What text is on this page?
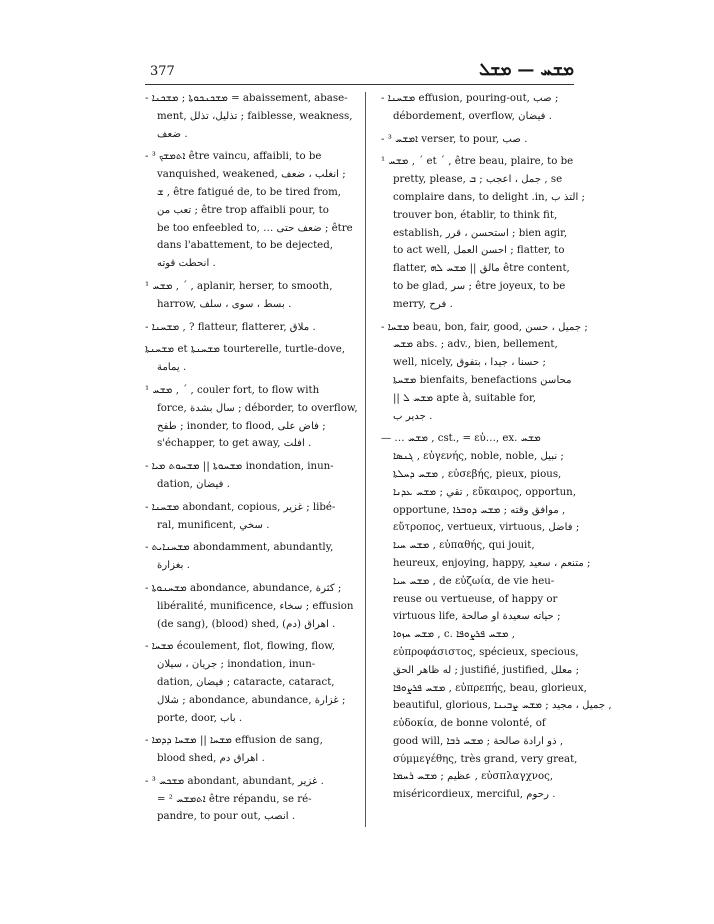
377	ܡܫܚ — ܡܫܠ
- ܡܫܟܢܟܘܬܐ ; ܡܫܟܢܐ = abaissement, abase-
ment, تذليل، تذلل ; faiblesse, weakness,
ضعف .
- ܐܬܡܫܟ ³ être vaincu, affaibli, to be
vanquished, weakened, انغلب ، ضعف ;
ܫ , être fatigué de, to be tired from,
تعب من ; être trop affaibli pour, to
be too enfeebled to, … ضعف حتى ; être
dans l'abattement, to be dejected,
انحطت قوته .
ܡܫܚ ¹ , ˊ , aplanir, herser, to smooth,
harrow, بسط ، سوى ، سلف .
- ܡܫܚܢܐ , ? flatteur, flatterer, ملاق .
ܡܫܚܢܬܐ et ܡܫܚܢܬܐ tourterelle, turtle-dove,
يمامة .
¹ ܡܫܚ , ˊ , couler fort, to flow with
force, سال بشدة ; déborder, to overflow,
طفح ; inonder, to flood, فاض على ;
s'échapper, to get away, افلت .
- ܡܫܚܘܬܐ || ܡܫܚܘܬ ܡܝܐ inondation, inun-
dation, فيضان .
- ܡܫܚܢܐ abondant, copious, غزير ; libé-
ral, munificent, سخي .
- ܡܫܚܢܐܝܬ abondamment, abundantly,
بغزارة .
- ܡܫܚܢܘܬܐ abondance, abundance, كثرة ;
libéralité, munificence, سخاء ; effusion
(de sang), (blood) shed, (دم) اهراق .
- ܡܫܚܐ écoulement, flot, flowing, flow,
جريان ، سيلان ; inondation, inun-
dation, فيضان ; cataracte, cataract,
شلال ; abondance, abundance, غزارة ;
porte, door, باب .
- ܡܫܚܐ || ܡܫܚܐ ܕܕܡܐ effusion de sang,
blood shed, اهراق دم .
- ܡܫܟܚ ³ abondant, abundant, غزير .
= ܐܬܡܫܚ ² être répandu, se ré-
pandre, to pour out, انصب .
- ܡܫܚܢܐ effusion, pouring-out, صب ;
débordement, overflow, فيضان .
- ܐܡܫܚ ³ verser, to pour, صب .
¹ ܡܫܚ , ˊ et ˊ , être beau, plaire, to be
pretty, please, جمل ، اعجب ; ܒ , se
complaire dans, to delight .in, التذ ب ;
trouver bon, établir, to think fit,
establish, استحسن ، قرر ; bien agir,
to act well, احسن العمل ; flatter, to
flatter, مالق || ܡܫܚ ܠܗ être content,
to be glad, سر ; être joyeux, to be
merry, فرح .
- ܡܫܚܐ beau, bon, fair, good, جميل ، حسن ;
ܡܫܚ abs. ; adv., bien, bellement,
well, nicely, حسنا ، جيدا ، بتفوق ;
ܡܫܚܬܐ bienfaits, benefactions محاسن
|| ܡܫܚ ܠ apte à, suitable for,
جدير ب .
— … ܡܫܚ , cst., = εὐ…, ex. ܡܫܚ
ܓܢܣܐ , εὐγενής, noble, noble, نبيل ;
ܡܫܚ ܕܚܠܬܐ , εὐσεβής, pieux, pious,
تقي ; ܡܫܚ ܥܕܢܐ , εὔκαιρος, opportun,
opportune, موافق وقته ; ܡܫܚ ܕܘܒܪܐ ,
εὔτροπος, vertueux, virtuous, فاضل ;
ܡܫܚ ܚܝܐ , εὐπαθής, qui jouit,
heureux, enjoying, happy, متنعم ، سعيد ;
ܡܫܚ ܚܝܐ , de εὐζωία, de vie heu-
reuse ou vertueuse, of happy or
virtuous life, حياته سعيدة او صالحة ;
ܡܫܚ ܚܙܘܐ , c. ܡܫܚ ܦܪܨܘܦܐ ,
εὐπροφάσιστος, spécieux, specious,
له ظاهر الحق ; justifié, justified, معلل ;
ܡܫܚ ܦܪܨܘܦܐ , εὐπρεπής, beau, glorieux,
beautiful, glorious, جميل ، مجيد ; ܡܫܚ ܨܒܝܢܐ ,
εὐδοκία, de bonne volonté, of
good will, ذو ارادة صالحة ; ܡܫܚ ܪܒܐ ,
σύμμεγέθης, très grand, very great,
عظيم ; ܡܫܚ ܪܚܡܐ , εὐσπλαγχνος,
miséricordieux, merciful, رحوم .
